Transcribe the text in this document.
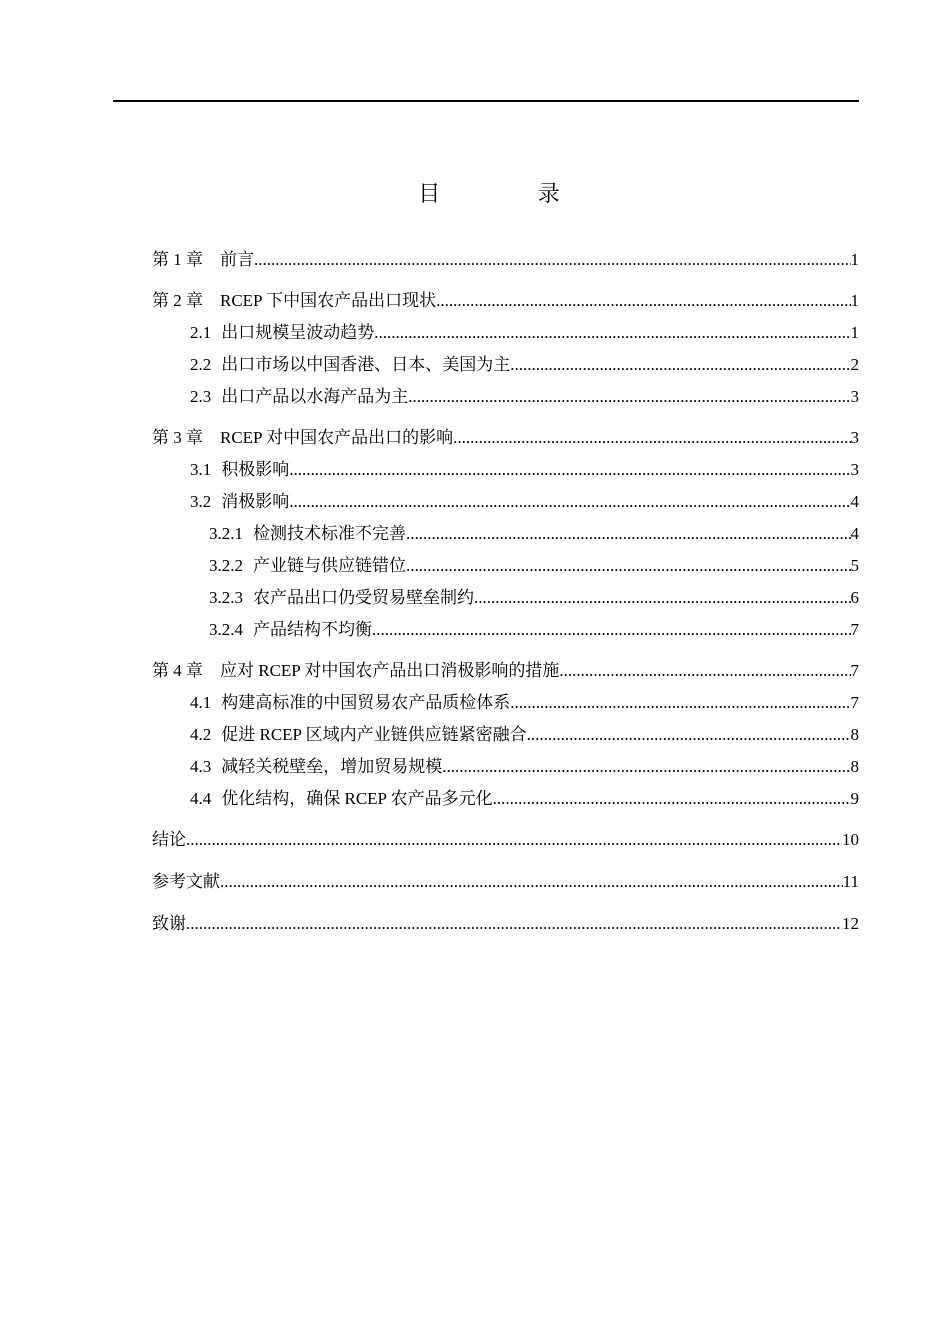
目 录
第 1 章 前言 .....	1
第 2 章 RCEP 下中国农产品出口现状 .....	1
2.1 出口规模呈波动趋势 .....	1
2.2 出口市场以中国香港、日本、美国为主 .....	2
2.3 出口产品以水海产品为主 .....	3
第 3 章 RCEP 对中国农产品出口的影响 .....	3
3.1 积极影响 .....	3
3.2 消极影响 .....	4
3.2.1 检测技术标准不完善 .....	4
3.2.2 产业链与供应链错位 .....	5
3.2.3 农产品出口仍受贸易壁垒制约 .....	6
3.2.4 产品结构不均衡 .....	7
第 4 章 应对 RCEP 对中国农产品出口消极影响的措施 .....	7
4.1 构建高标准的中国贸易农产品质检体系 .....	7
4.2 促进 RCEP 区域内产业链供应链紧密融合 .....	8
4.3 减轻关税壁垒，增加贸易规模 .....	8
4.4 优化结构，确保 RCEP 农产品多元化 .....	9
结论 .....	10
参考文献 .....	11
致谢 .....	12
